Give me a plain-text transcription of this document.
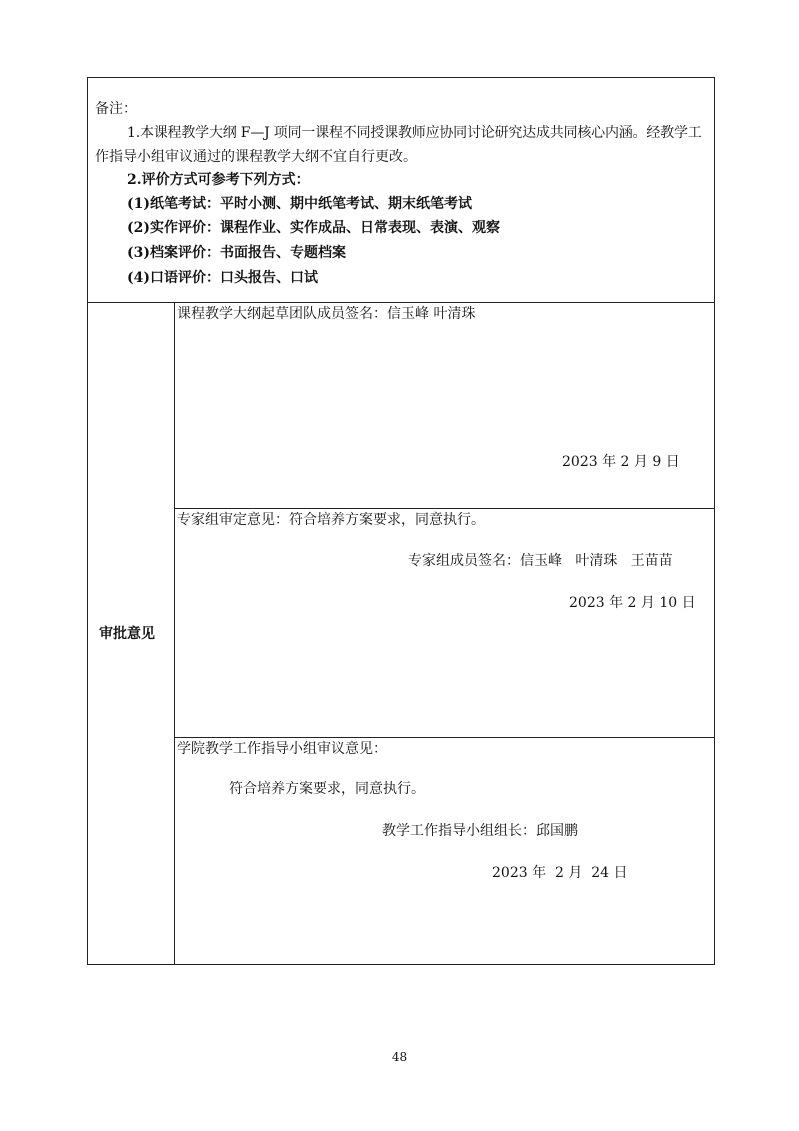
备注：
1.本课程教学大纲 F—J 项同一课程不同授课教师应协同讨论研究达成共同核心内涵。经教学工
作指导小组审议通过的课程教学大纲不宜自行更改。
2.评价方式可参考下列方式：
(1)纸笔考试：平时小测、期中纸笔考试、期末纸笔考试
(2)实作评价：课程作业、实作成品、日常表现、表演、观察
(3)档案评价：书面报告、专题档案
(4)口语评价：口头报告、口试
审批意见
课程教学大纲起草团队成员签名：信玉峰 叶清珠
2023 年 2 月 9 日
专家组审定意见：符合培养方案要求，同意执行。
专家组成员签名：信玉峰   叶清珠   王苗苗
2023 年 2 月 10 日
学院教学工作指导小组审议意见：
符合培养方案要求，同意执行。
教学工作指导小组组长：邱国鹏
2023 年  2 月  24 日
48
